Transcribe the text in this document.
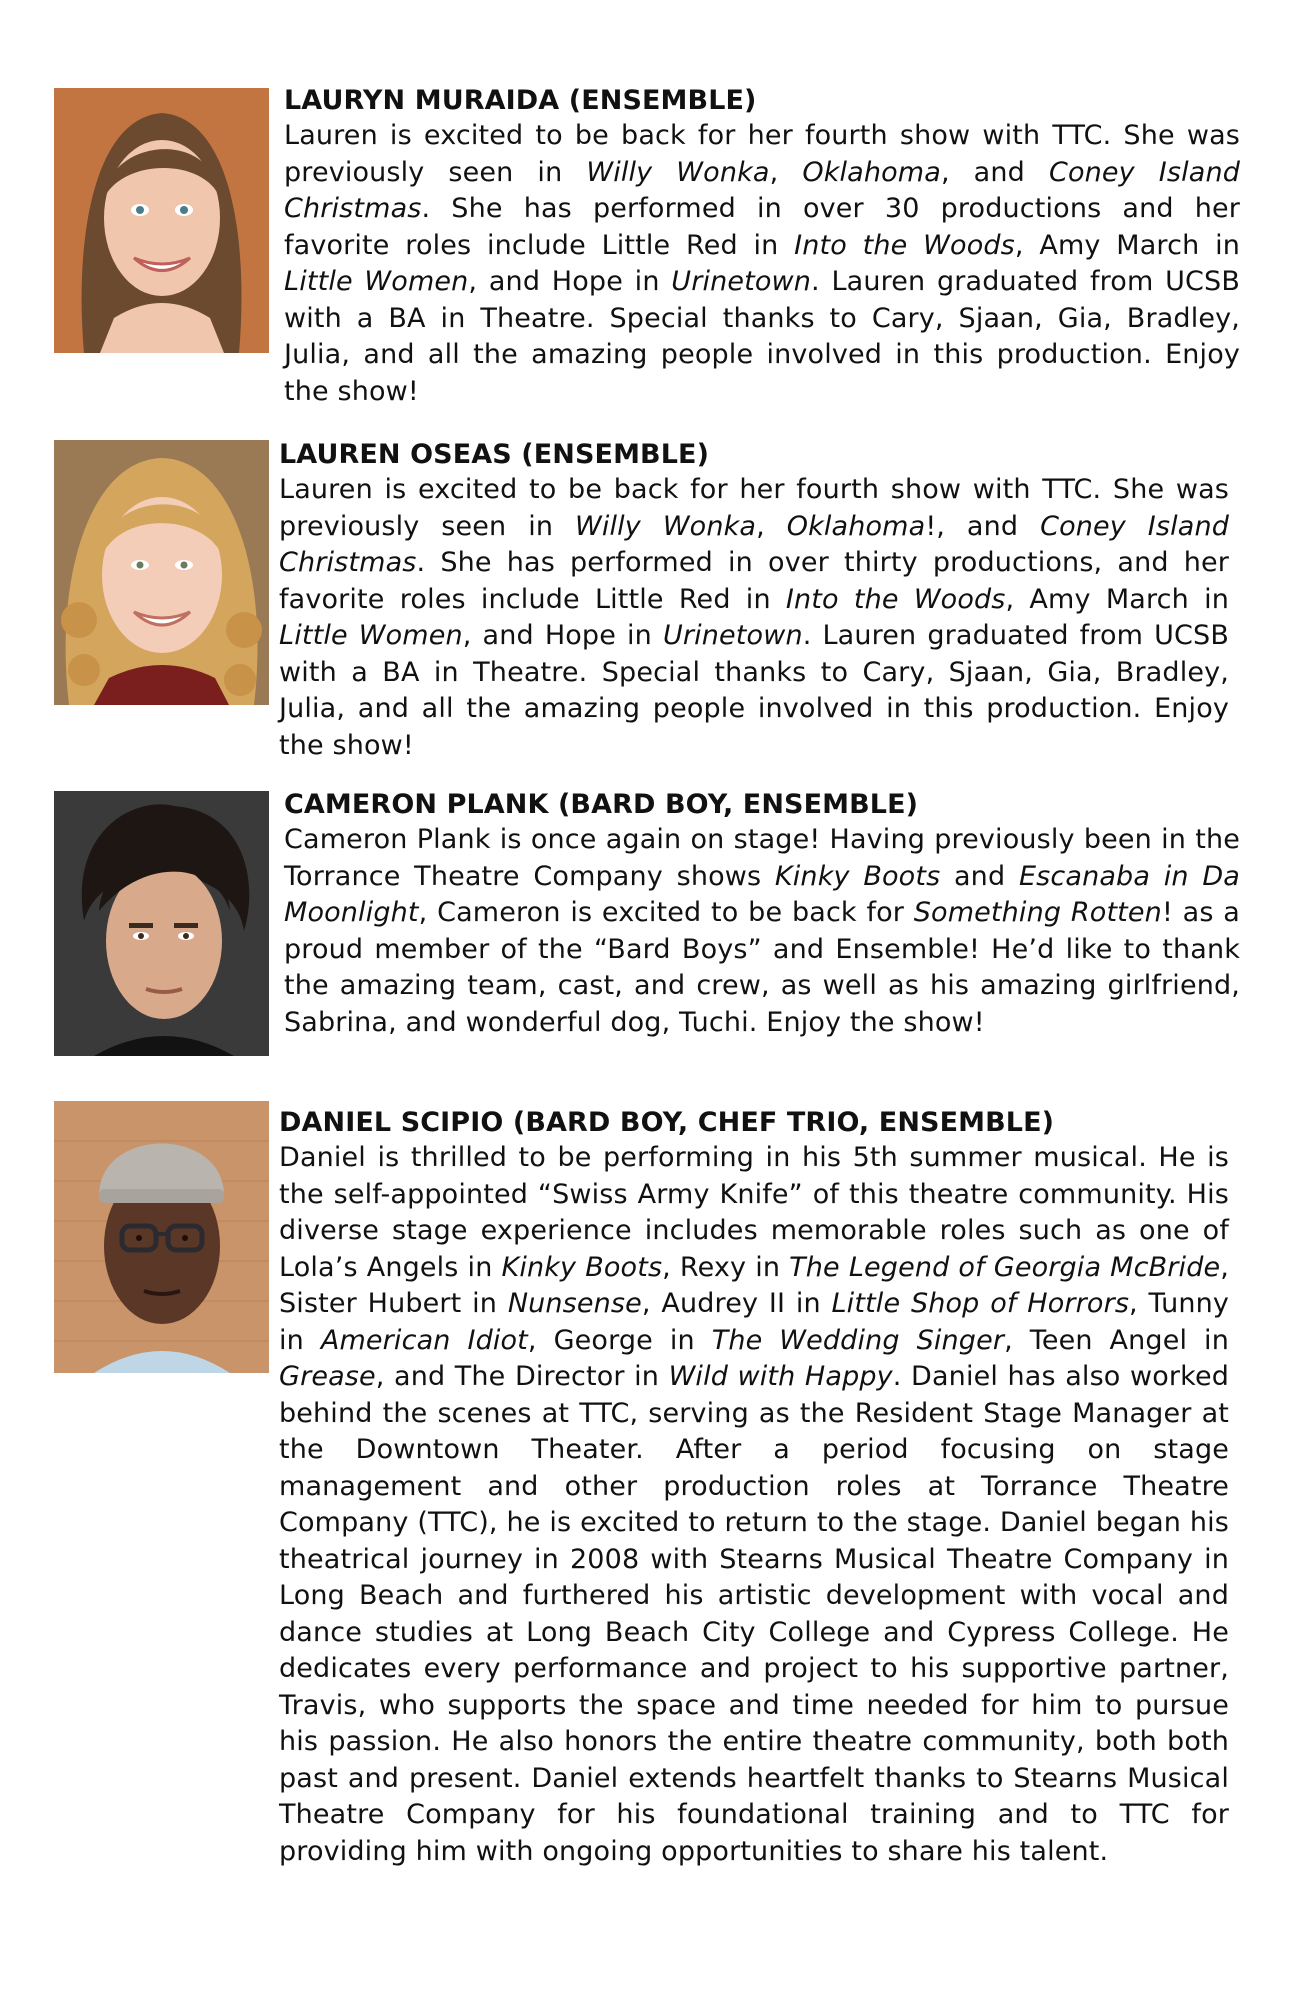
LAURYN MURAIDA (ENSEMBLE)

Lauren is excited to be back for her fourth show with TTC. She was previously seen in Willy Wonka, Oklahoma, and Coney Island Christmas. She has performed in over 30 productions and her favorite roles include Little Red in Into the Woods, Amy March in Little Women, and Hope in Urinetown. Lauren graduated from UCSB with a BA in Theatre. Special thanks to Cary, Sjaan, Gia, Bradley, Julia, and all the amazing people involved in this production. Enjoy the show!

LAUREN OSEAS (ENSEMBLE)

Lauren is excited to be back for her fourth show with TTC. She was previously seen in Willy Wonka, Oklahoma!, and Coney Island Christmas. She has performed in over thirty productions, and her favorite roles include Little Red in Into the Woods, Amy March in Little Women, and Hope in Urinetown. Lauren graduated from UCSB with a BA in Theatre. Special thanks to Cary, Sjaan, Gia, Bradley, Julia, and all the amazing people involved in this production. Enjoy the show!

CAMERON PLANK (BARD BOY, ENSEMBLE)

Cameron Plank is once again on stage! Having previously been in the Torrance Theatre Company shows Kinky Boots and Escanaba in Da Moonlight, Cameron is excited to be back for Something Rotten! as a proud member of the “Bard Boys” and Ensemble! He’d like to thank the amazing team, cast, and crew, as well as his amazing girlfriend, Sabrina, and wonderful dog, Tuchi. Enjoy the show!

DANIEL SCIPIO (BARD BOY, CHEF TRIO, ENSEMBLE)

Daniel is thrilled to be performing in his 5th summer musical. He is the self-appointed “Swiss Army Knife” of this theatre community. His diverse stage experience includes memorable roles such as one of Lola’s Angels in Kinky Boots, Rexy in The Legend of Georgia McBride, Sister Hubert in Nunsense, Audrey II in Little Shop of Horrors, Tunny in American Idiot, George in The Wedding Singer, Teen Angel in Grease, and The Director in Wild with Happy. Daniel has also worked behind the scenes at TTC, serving as the Resident Stage Manager at the Downtown Theater. After a period focusing on stage management and other production roles at Torrance Theatre Company (TTC), he is excited to return to the stage. Daniel began his theatrical journey in 2008 with Stearns Musical Theatre Company in Long Beach and furthered his artistic development with vocal and dance studies at Long Beach City College and Cypress College. He dedicates every performance and project to his supportive partner, Travis, who supports the space and time needed for him to pursue his passion. He also honors the entire theatre community, both both past and present. Daniel extends heartfelt thanks to Stearns Musical Theatre Company for his foundational training and to TTC for providing him with ongoing opportunities to share his talent.
